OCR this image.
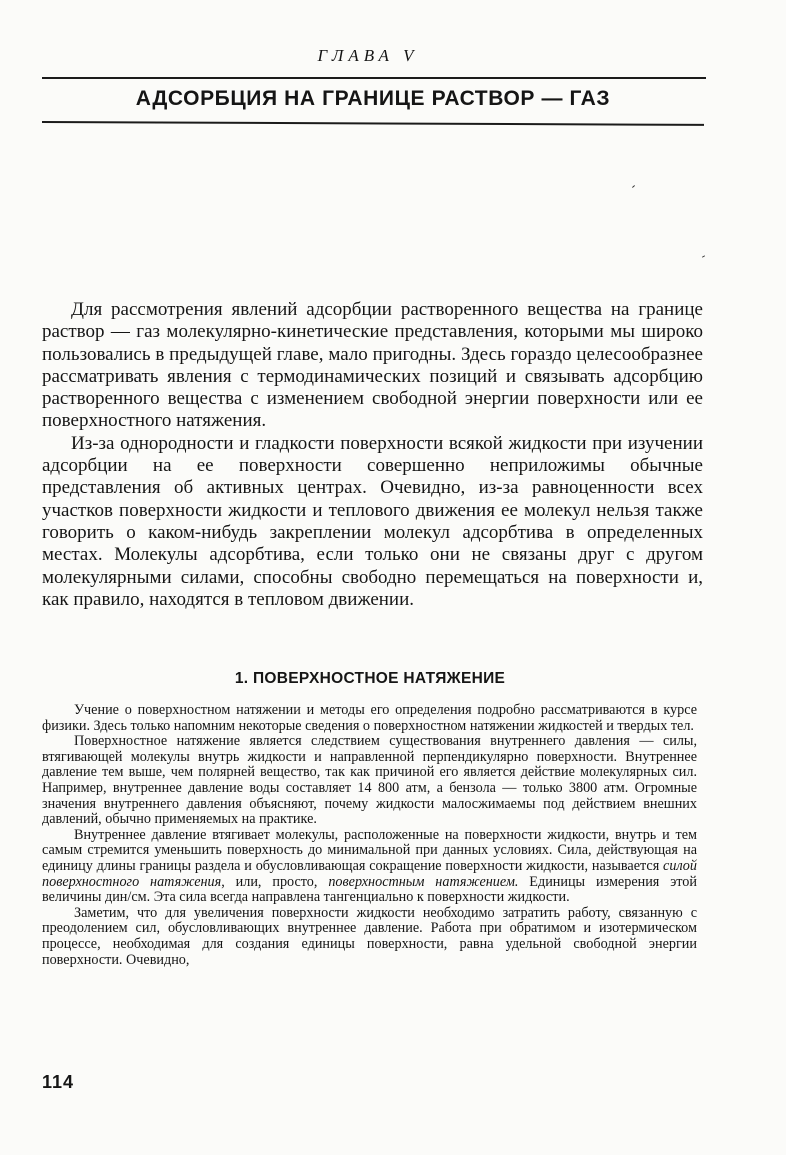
ГЛАВА V
АДСОРБЦИЯ НА ГРАНИЦЕ РАСТВОР — ГАЗ

Для рассмотрения явлений адсорбции растворенного вещества на границе раствор — газ молекулярно-кинетические представления, которыми мы широко пользовались в предыдущей главе, мало пригодны. Здесь гораздо целесообразнее рассматривать явления с термодинамических позиций и связывать адсорбцию растворенного вещества с изменением свободной энергии поверхности или ее поверхностного натяжения.

Из-за однородности и гладкости поверхности всякой жидкости при изучении адсорбции на ее поверхности совершенно неприложимы обычные представления об активных центрах. Очевидно, из-за равноценности всех участков поверхности жидкости и теплового движения ее молекул нельзя также говорить о каком-нибудь закреплении молекул адсорбтива в определенных местах. Молекулы адсорбтива, если только они не связаны друг с другом молекулярными силами, способны свободно перемещаться на поверхности и, как правило, находятся в тепловом движении.

1. ПОВЕРХНОСТНОЕ НАТЯЖЕНИЕ

Учение о поверхностном натяжении и методы его определения подробно рассматриваются в курсе физики. Здесь только напомним некоторые сведения о поверхностном натяжении жидкостей и твердых тел.

Поверхностное натяжение является следствием существования внутреннего давления — силы, втягивающей молекулы внутрь жидкости и направленной перпендикулярно поверхности. Внутреннее давление тем выше, чем полярней вещество, так как причиной его является действие молекулярных сил. Например, внутреннее давление воды составляет 14 800 атм, а бензола — только 3800 атм. Огромные значения внутреннего давления объясняют, почему жидкости малосжимаемы под действием внешних давлений, обычно применяемых на практике.

Внутреннее давление втягивает молекулы, расположенные на поверхности жидкости, внутрь и тем самым стремится уменьшить поверхность до минимальной при данных условиях. Сила, действующая на единицу длины границы раздела и обусловливающая сокращение поверхности жидкости, называется силой поверхностного натяжения, или, просто, поверхностным натяжением. Единицы измерения этой величины дин/см. Эта сила всегда направлена тангенциально к поверхности жидкости.

Заметим, что для увеличения поверхности жидкости необходимо затратить работу, связанную с преодолением сил, обусловливающих внутреннее давление. Работа при обратимом и изотермическом процессе, необходимая для создания единицы поверхности, равна удельной свободной энергии поверхности. Очевидно,

114
